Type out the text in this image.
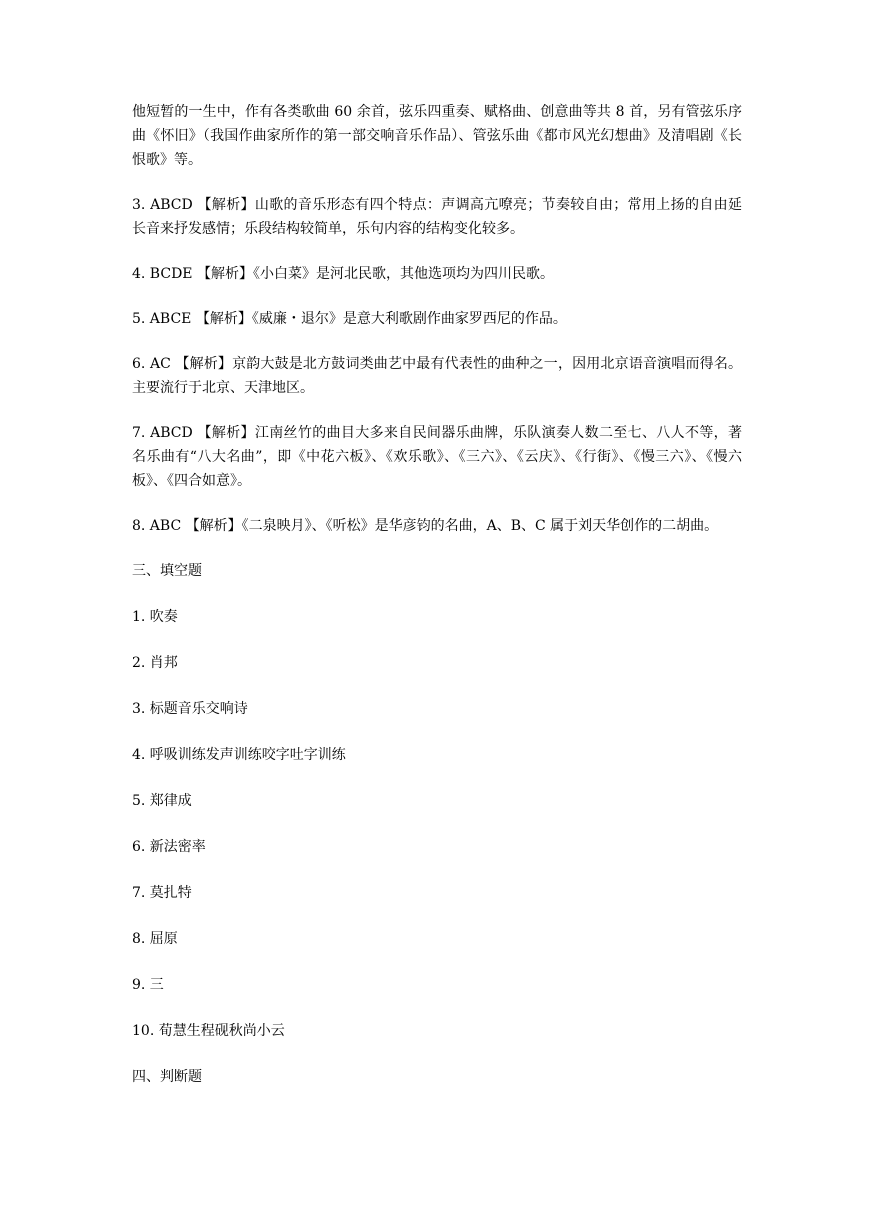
他短暂的一生中，作有各类歌曲 60 余首，弦乐四重奏、赋格曲、创意曲等共 8 首，另有管弦乐序曲《怀旧》（我国作曲家所作的第一部交响音乐作品）、管弦乐曲《都市风光幻想曲》及清唱剧《长恨歌》等。

3. ABCD 【解析】山歌的音乐形态有四个特点：声调高亢嘹亮；节奏较自由；常用上扬的自由延长音来抒发感情；乐段结构较简单，乐句内容的结构变化较多。

4. BCDE 【解析】《小白菜》是河北民歌，其他选项均为四川民歌。

5. ABCE 【解析】《威廉・退尔》是意大利歌剧作曲家罗西尼的作品。

6. AC 【解析】京韵大鼓是北方鼓词类曲艺中最有代表性的曲种之一，因用北京语音演唱而得名。 主要流行于北京、天津地区。

7. ABCD 【解析】江南丝竹的曲目大多来自民间器乐曲牌，乐队演奏人数二至七、八人不等，著名乐曲有“八大名曲”，即《中花六板》、《欢乐歌》、《三六》、《云庆》、《行街》、《慢三六》、《慢六板》、《四合如意》。

8. ABC 【解析】《二泉映月》、《听松》是华彦钧的名曲，A、B、C 属于刘天华创作的二胡曲。

三、填空题
1. 吹奏
2. 肖邦
3. 标题音乐交响诗
4. 呼吸训练发声训练咬字吐字训练
5. 郑律成
6. 新法密率
7. 莫扎特
8. 屈原
9. 三
10. 荀慧生程砚秋尚小云
四、判断题
